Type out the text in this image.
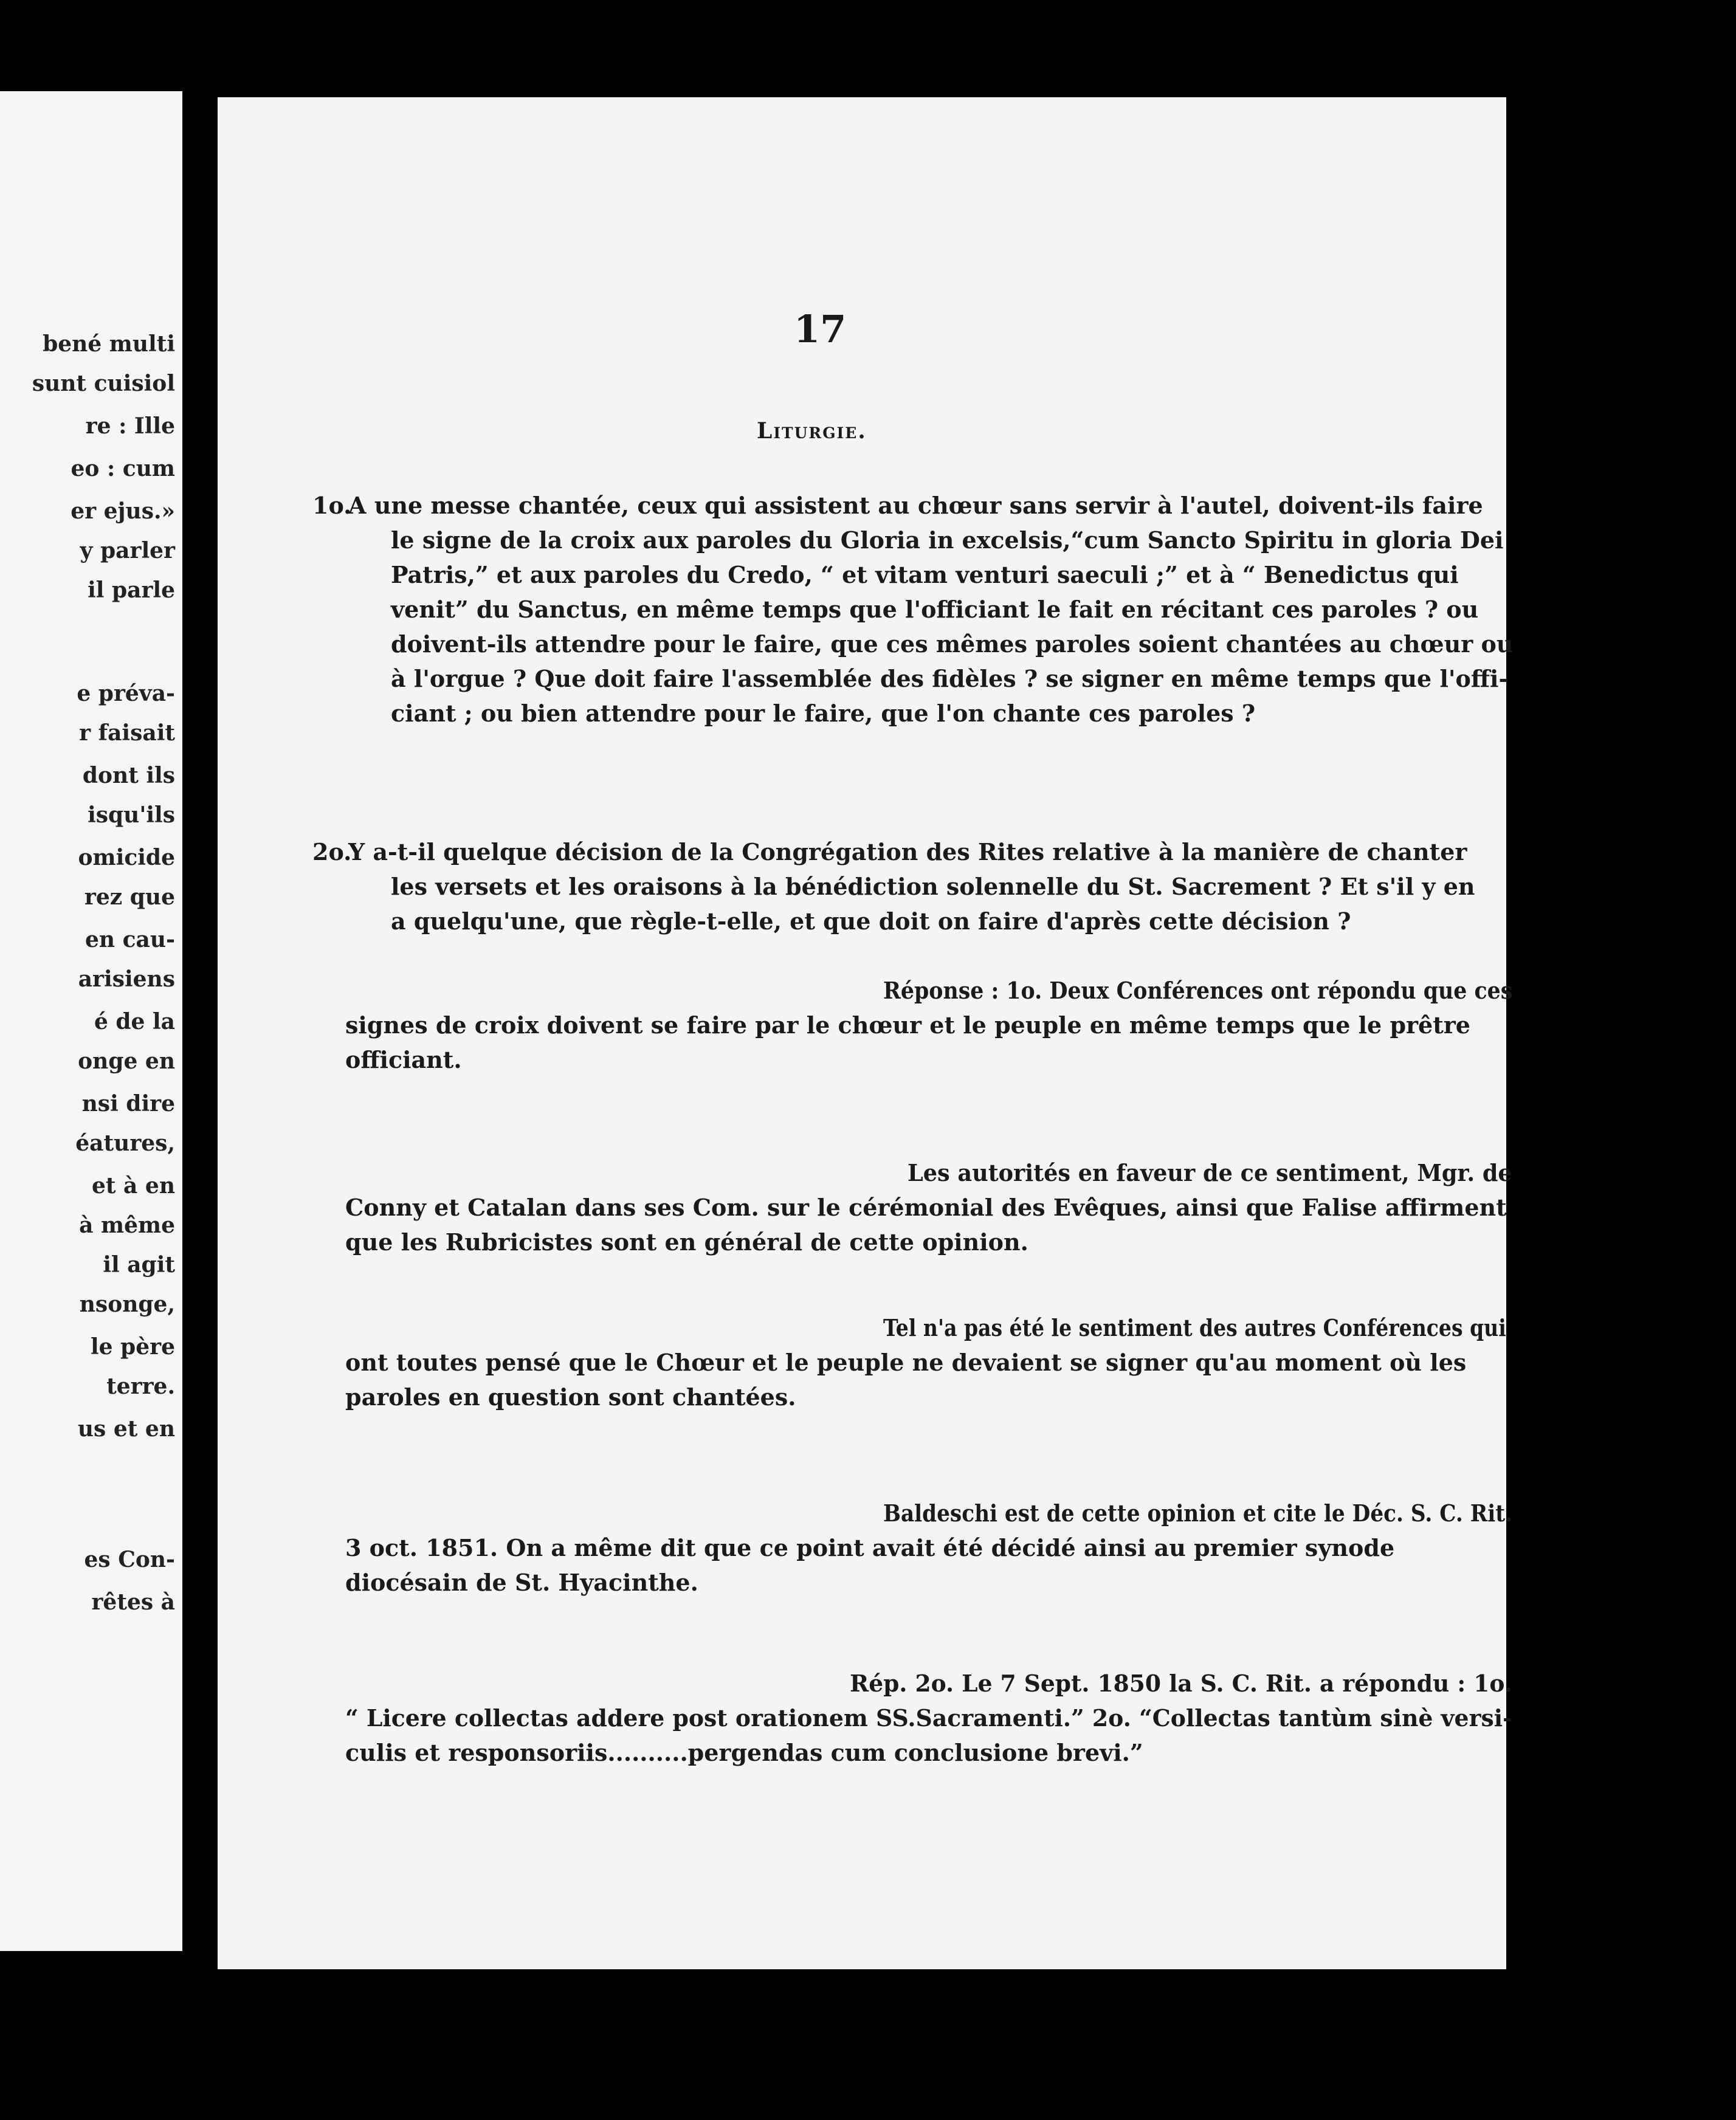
bené multi
sunt cuisiol
re : Ille
eo : cum
er ejus.»
y parler
il parle
e préva-
r faisait
dont ils
isqu'ils
omicide
rez que
en cau-
arisiens
é de la
onge en
nsi dire
éatures,
et à en
à même
il agit
nsonge,
le père
terre.
us et en
es Con-
rêtes à
17
Liturgie.
1o.
A une messe chantée, ceux qui assistent au chœur sans servir à l'autel, doivent-ils faire
le signe de la croix aux paroles du Gloria in excelsis,“cum Sancto Spiritu in gloria Dei
Patris,” et aux paroles du Credo, “ et vitam venturi saeculi ;” et à “ Benedictus qui
venit” du Sanctus, en même temps que l'officiant le fait en récitant ces paroles ? ou
doivent-ils attendre pour le faire, que ces mêmes paroles soient chantées au chœur ou
à l'orgue ? Que doit faire l'assemblée des fidèles ? se signer en même temps que l'offi-
ciant ; ou bien attendre pour le faire, que l'on chante ces paroles ?
2o.
Y a-t-il quelque décision de la Congrégation des Rites relative à la manière de chanter
les versets et les oraisons à la bénédiction solennelle du St. Sacrement ? Et s'il y en
a quelqu'une, que règle-t-elle, et que doit on faire d'après cette décision ?
Réponse : 1o. Deux Conférences ont répondu que ces
signes de croix doivent se faire par le chœur et le peuple en même temps que le prêtre
officiant.
Les autorités en faveur de ce sentiment, Mgr. de
Conny et Catalan dans ses Com. sur le cérémonial des Evêques, ainsi que Falise affirment
que les Rubricistes sont en général de cette opinion.
Tel n'a pas été le sentiment des autres Conférences qui
ont toutes pensé que le Chœur et le peuple ne devaient se signer qu'au moment où les
paroles en question sont chantées.
Baldeschi est de cette opinion et cite le Déc. S. C. Rit.
3 oct. 1851. On a même dit que ce point avait été décidé ainsi au premier synode
diocésain de St. Hyacinthe.
Rép. 2o. Le 7 Sept. 1850 la S. C. Rit. a répondu : 1o.
“ Licere collectas addere post orationem SS.Sacramenti.” 2o. “Collectas tantùm sinè versi-
culis et responsoriis..........pergendas cum conclusione brevi.”
